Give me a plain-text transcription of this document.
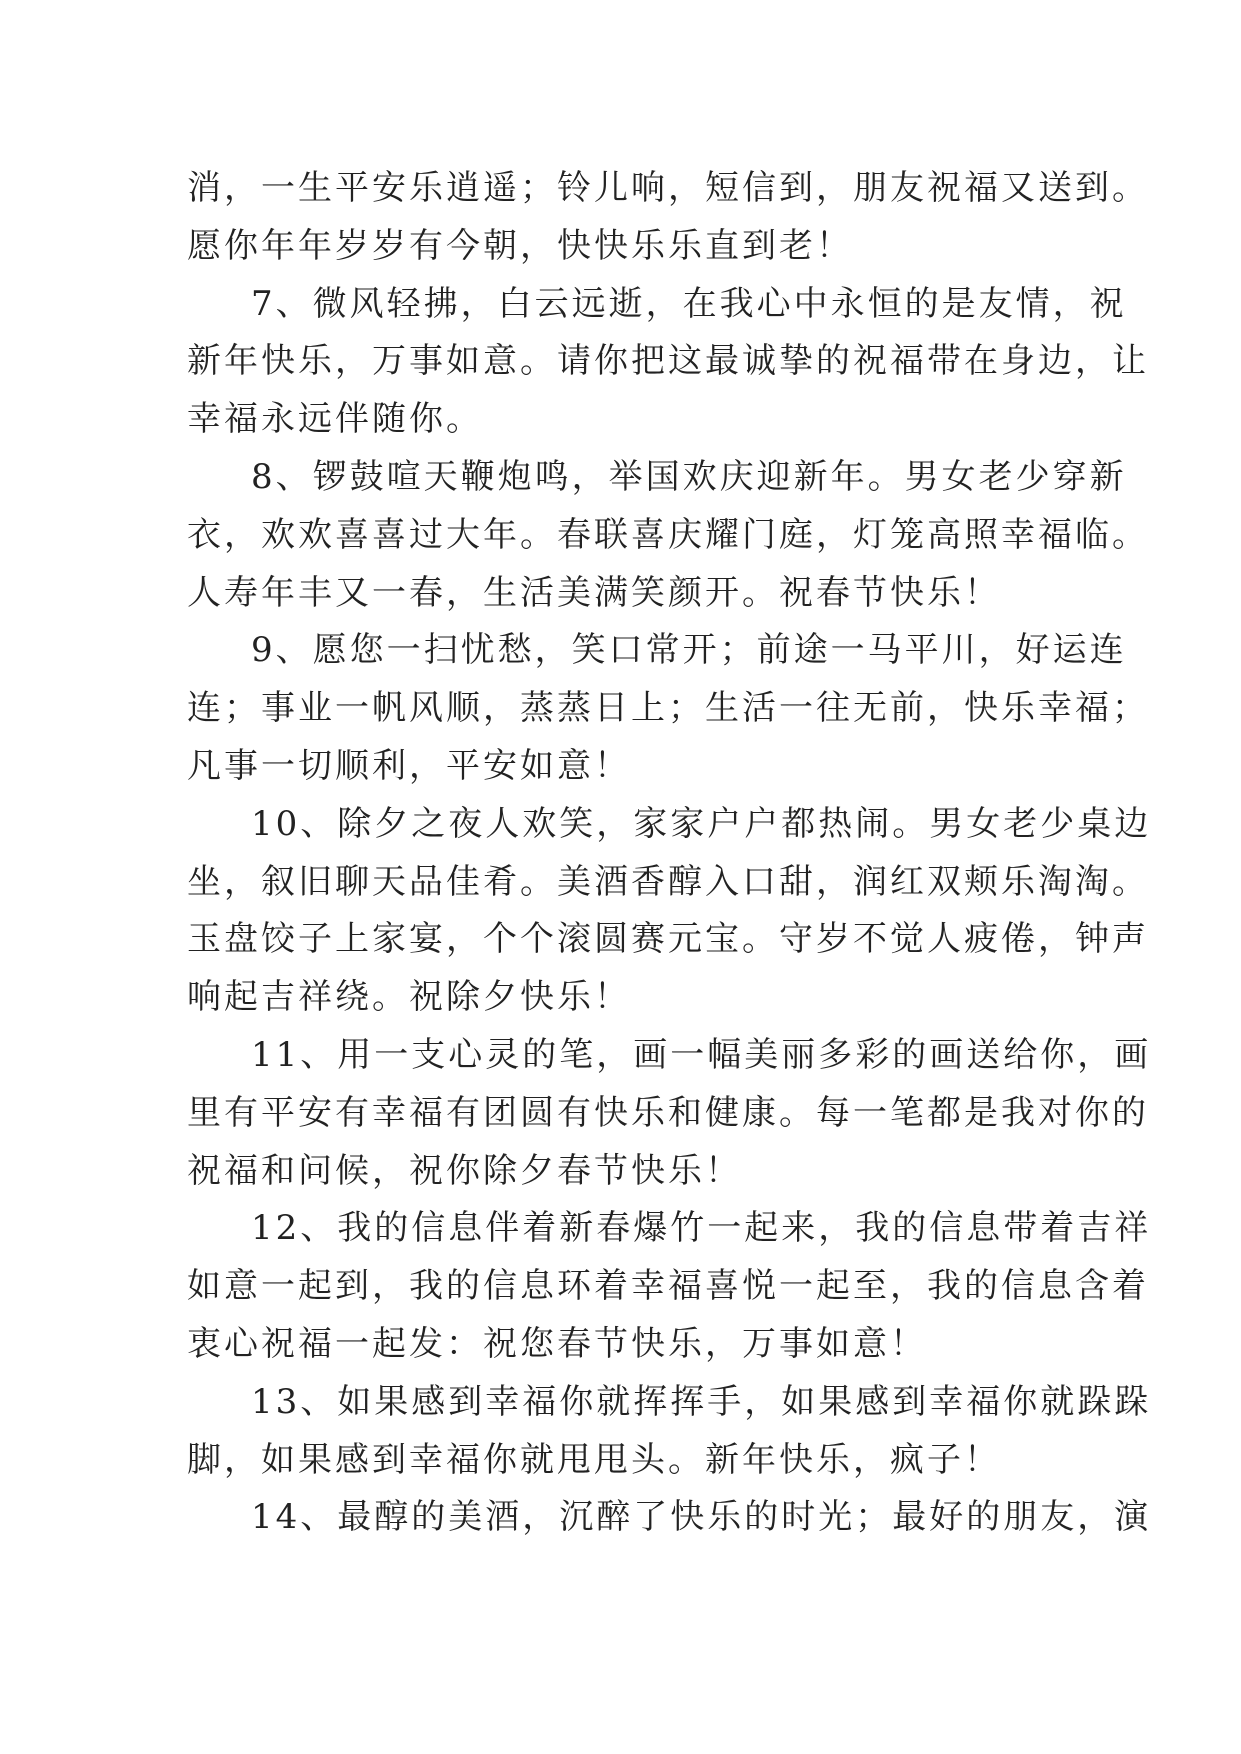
消，一生平安乐逍遥；铃儿响，短信到，朋友祝福又送到。
愿你年年岁岁有今朝，快快乐乐直到老！
7、微风轻拂，白云远逝，在我心中永恒的是友情，祝
新年快乐，万事如意。请你把这最诚挚的祝福带在身边，让
幸福永远伴随你。
8、锣鼓喧天鞭炮鸣，举国欢庆迎新年。男女老少穿新
衣，欢欢喜喜过大年。春联喜庆耀门庭，灯笼高照幸福临。
人寿年丰又一春，生活美满笑颜开。祝春节快乐！
9、愿您一扫忧愁，笑口常开；前途一马平川，好运连
连；事业一帆风顺，蒸蒸日上；生活一往无前，快乐幸福；
凡事一切顺利，平安如意！
10、除夕之夜人欢笑，家家户户都热闹。男女老少桌边
坐，叙旧聊天品佳肴。美酒香醇入口甜，润红双颊乐淘淘。
玉盘饺子上家宴，个个滚圆赛元宝。守岁不觉人疲倦，钟声
响起吉祥绕。祝除夕快乐！
11、用一支心灵的笔，画一幅美丽多彩的画送给你，画
里有平安有幸福有团圆有快乐和健康。每一笔都是我对你的
祝福和问候，祝你除夕春节快乐！
12、我的信息伴着新春爆竹一起来，我的信息带着吉祥
如意一起到，我的信息环着幸福喜悦一起至，我的信息含着
衷心祝福一起发：祝您春节快乐，万事如意！
13、如果感到幸福你就挥挥手，如果感到幸福你就跺跺
脚，如果感到幸福你就甩甩头。新年快乐，疯子！
14、最醇的美酒，沉醉了快乐的时光；最好的朋友，演
